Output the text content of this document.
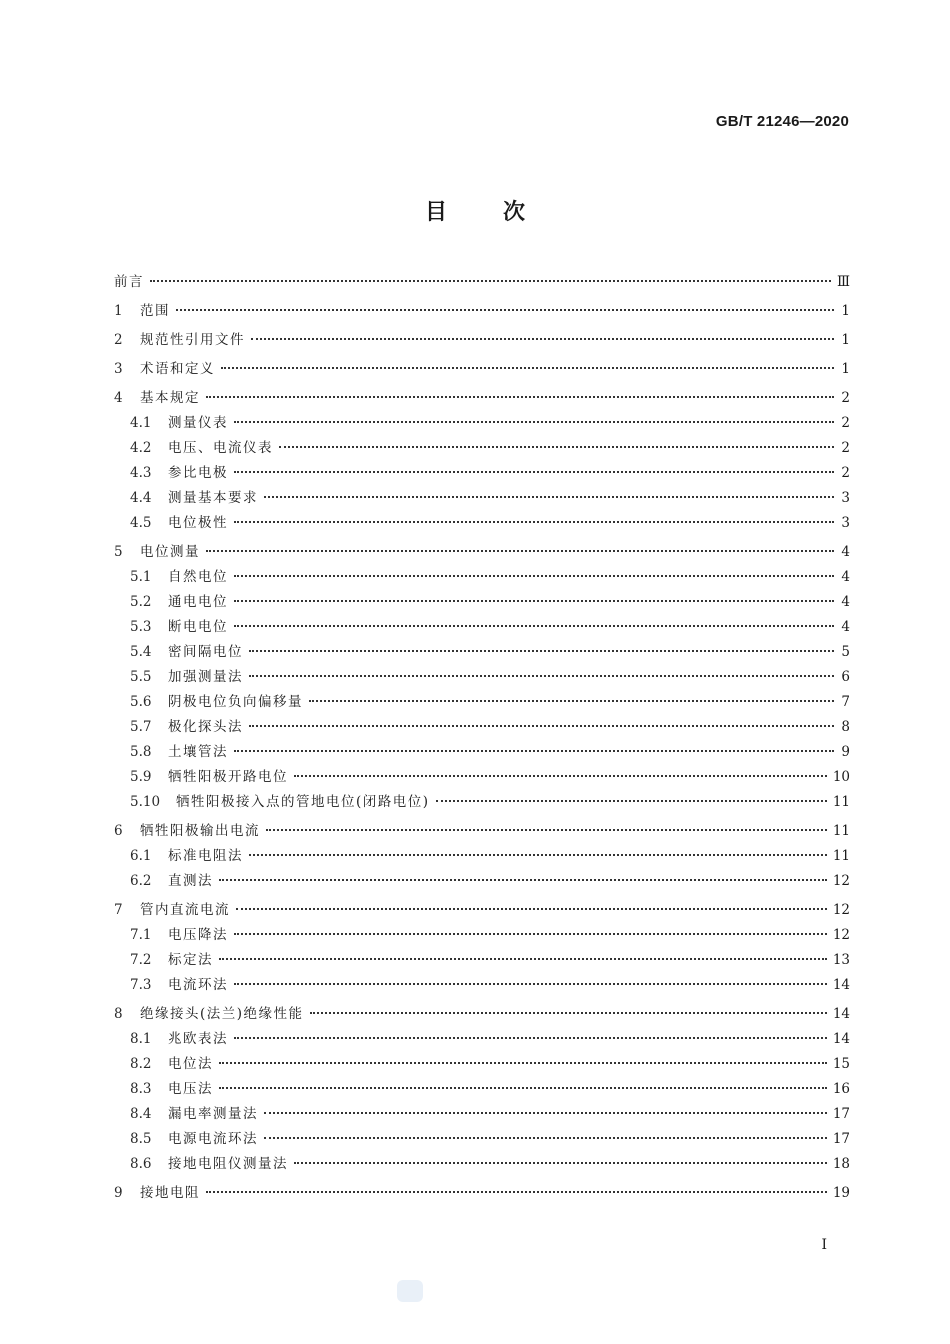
GB/T 21246—2020
目次
前言	Ⅲ
1	范围	1
2	规范性引用文件	1
3	术语和定义	1
4	基本规定	2
4.1	测量仪表	2
4.2	电压、电流仪表	2
4.3	参比电极	2
4.4	测量基本要求	3
4.5	电位极性	3
5	电位测量	4
5.1	自然电位	4
5.2	通电电位	4
5.3	断电电位	4
5.4	密间隔电位	5
5.5	加强测量法	6
5.6	阴极电位负向偏移量	7
5.7	极化探头法	8
5.8	土壤管法	9
5.9	牺牲阳极开路电位	10
5.10	牺牲阳极接入点的管地电位(闭路电位)	11
6	牺牲阳极输出电流	11
6.1	标准电阻法	11
6.2	直测法	12
7	管内直流电流	12
7.1	电压降法	12
7.2	标定法	13
7.3	电流环法	14
8	绝缘接头(法兰)绝缘性能	14
8.1	兆欧表法	14
8.2	电位法	15
8.3	电压法	16
8.4	漏电率测量法	17
8.5	电源电流环法	17
8.6	接地电阻仪测量法	18
9	接地电阻	19
I
